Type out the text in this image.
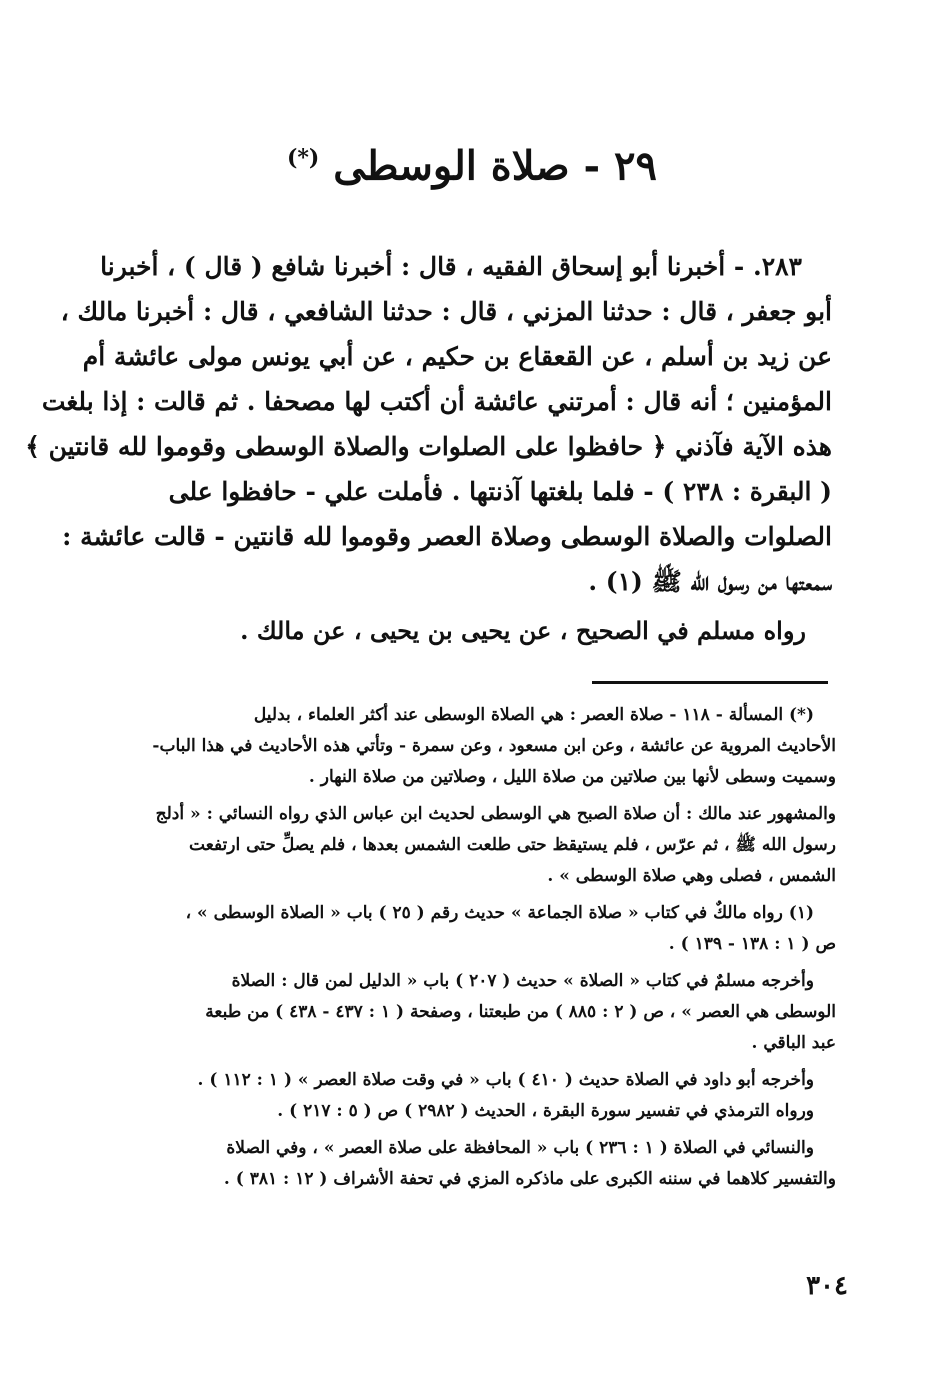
٢٩ - صلاة الوسطى (*)
٢٨٣. - أخبرنا أبو إسحاق الفقيه ، قال : أخبرنا شافع ( قال ) ، أخبرنا
أبو جعفر ، قال : حدثنا المزني ، قال : حدثنا الشافعي ، قال : أخبرنا مالك ،
عن زيد بن أسلم ، عن القعقاع بن حكيم ، عن أبي يونس مولى عائشة أم
المؤمنين ؛ أنه قال : أمرتني عائشة أن أكتب لها مصحفا . ثم قالت : إذا بلغت
هذه الآية فآذني ﴿ حافظوا على الصلوات والصلاة الوسطى وقوموا لله قانتين ﴾
( البقرة : ٢٣٨ ) - فلما بلغتها آذنتها . فأملت علي - حافظوا على
الصلوات والصلاة الوسطى وصلاة العصر وقوموا لله قانتين - قالت عائشة :
سمعتها من رسول الله ﷺ (١) .
رواه مسلم في الصحيح ، عن يحيى بن يحيى ، عن مالك .
(*) المسألة - ١١٨ - صلاة العصر : هي الصلاة الوسطى عند أكثر العلماء ، بدليل
الأحاديث المروية عن عائشة ، وعن ابن مسعود ، وعن سمرة - وتأتي هذه الأحاديث في هذا الباب-
وسميت وسطى لأنها بين صلاتين من صلاة الليل ، وصلاتين من صلاة النهار .
والمشهور عند مالك : أن صلاة الصبح هي الوسطى لحديث ابن عباس الذي رواه النسائي : « أدلج
رسول الله ﷺ ، ثم عرّس ، فلم يستيقظ حتى طلعت الشمس بعدها ، فلم يصلِّ حتى ارتفعت
الشمس ، فصلى وهي صلاة الوسطى » .
(١) رواه مالكٌ في كتاب « صلاة الجماعة » حديث رقم ( ٢٥ ) باب « الصلاة الوسطى » ،
ص ( ١ : ١٣٨ - ١٣٩ ) .
وأخرجه مسلمٌ في كتاب « الصلاة » حديث ( ٢٠٧ ) باب « الدليل لمن قال : الصلاة
الوسطى هي العصر » ، ص ( ٢ : ٨٨٥ ) من طبعتنا ، وصفحة ( ١ : ٤٣٧ - ٤٣٨ ) من طبعة
عبد الباقي .
وأخرجه أبو داود في الصلاة حديث ( ٤١٠ ) باب « في وقت صلاة العصر » ( ١ : ١١٢ ) .
ورواه الترمذي في تفسير سورة البقرة ، الحديث ( ٢٩٨٢ ) ص ( ٥ : ٢١٧ ) .
والنسائي في الصلاة ( ١ : ٢٣٦ ) باب « المحافظة على صلاة العصر » ، وفي الصلاة
والتفسير كلاهما في سننه الكبرى على ماذكره المزي في تحفة الأشراف ( ١٢ : ٣٨١ ) .
٣٠٤
